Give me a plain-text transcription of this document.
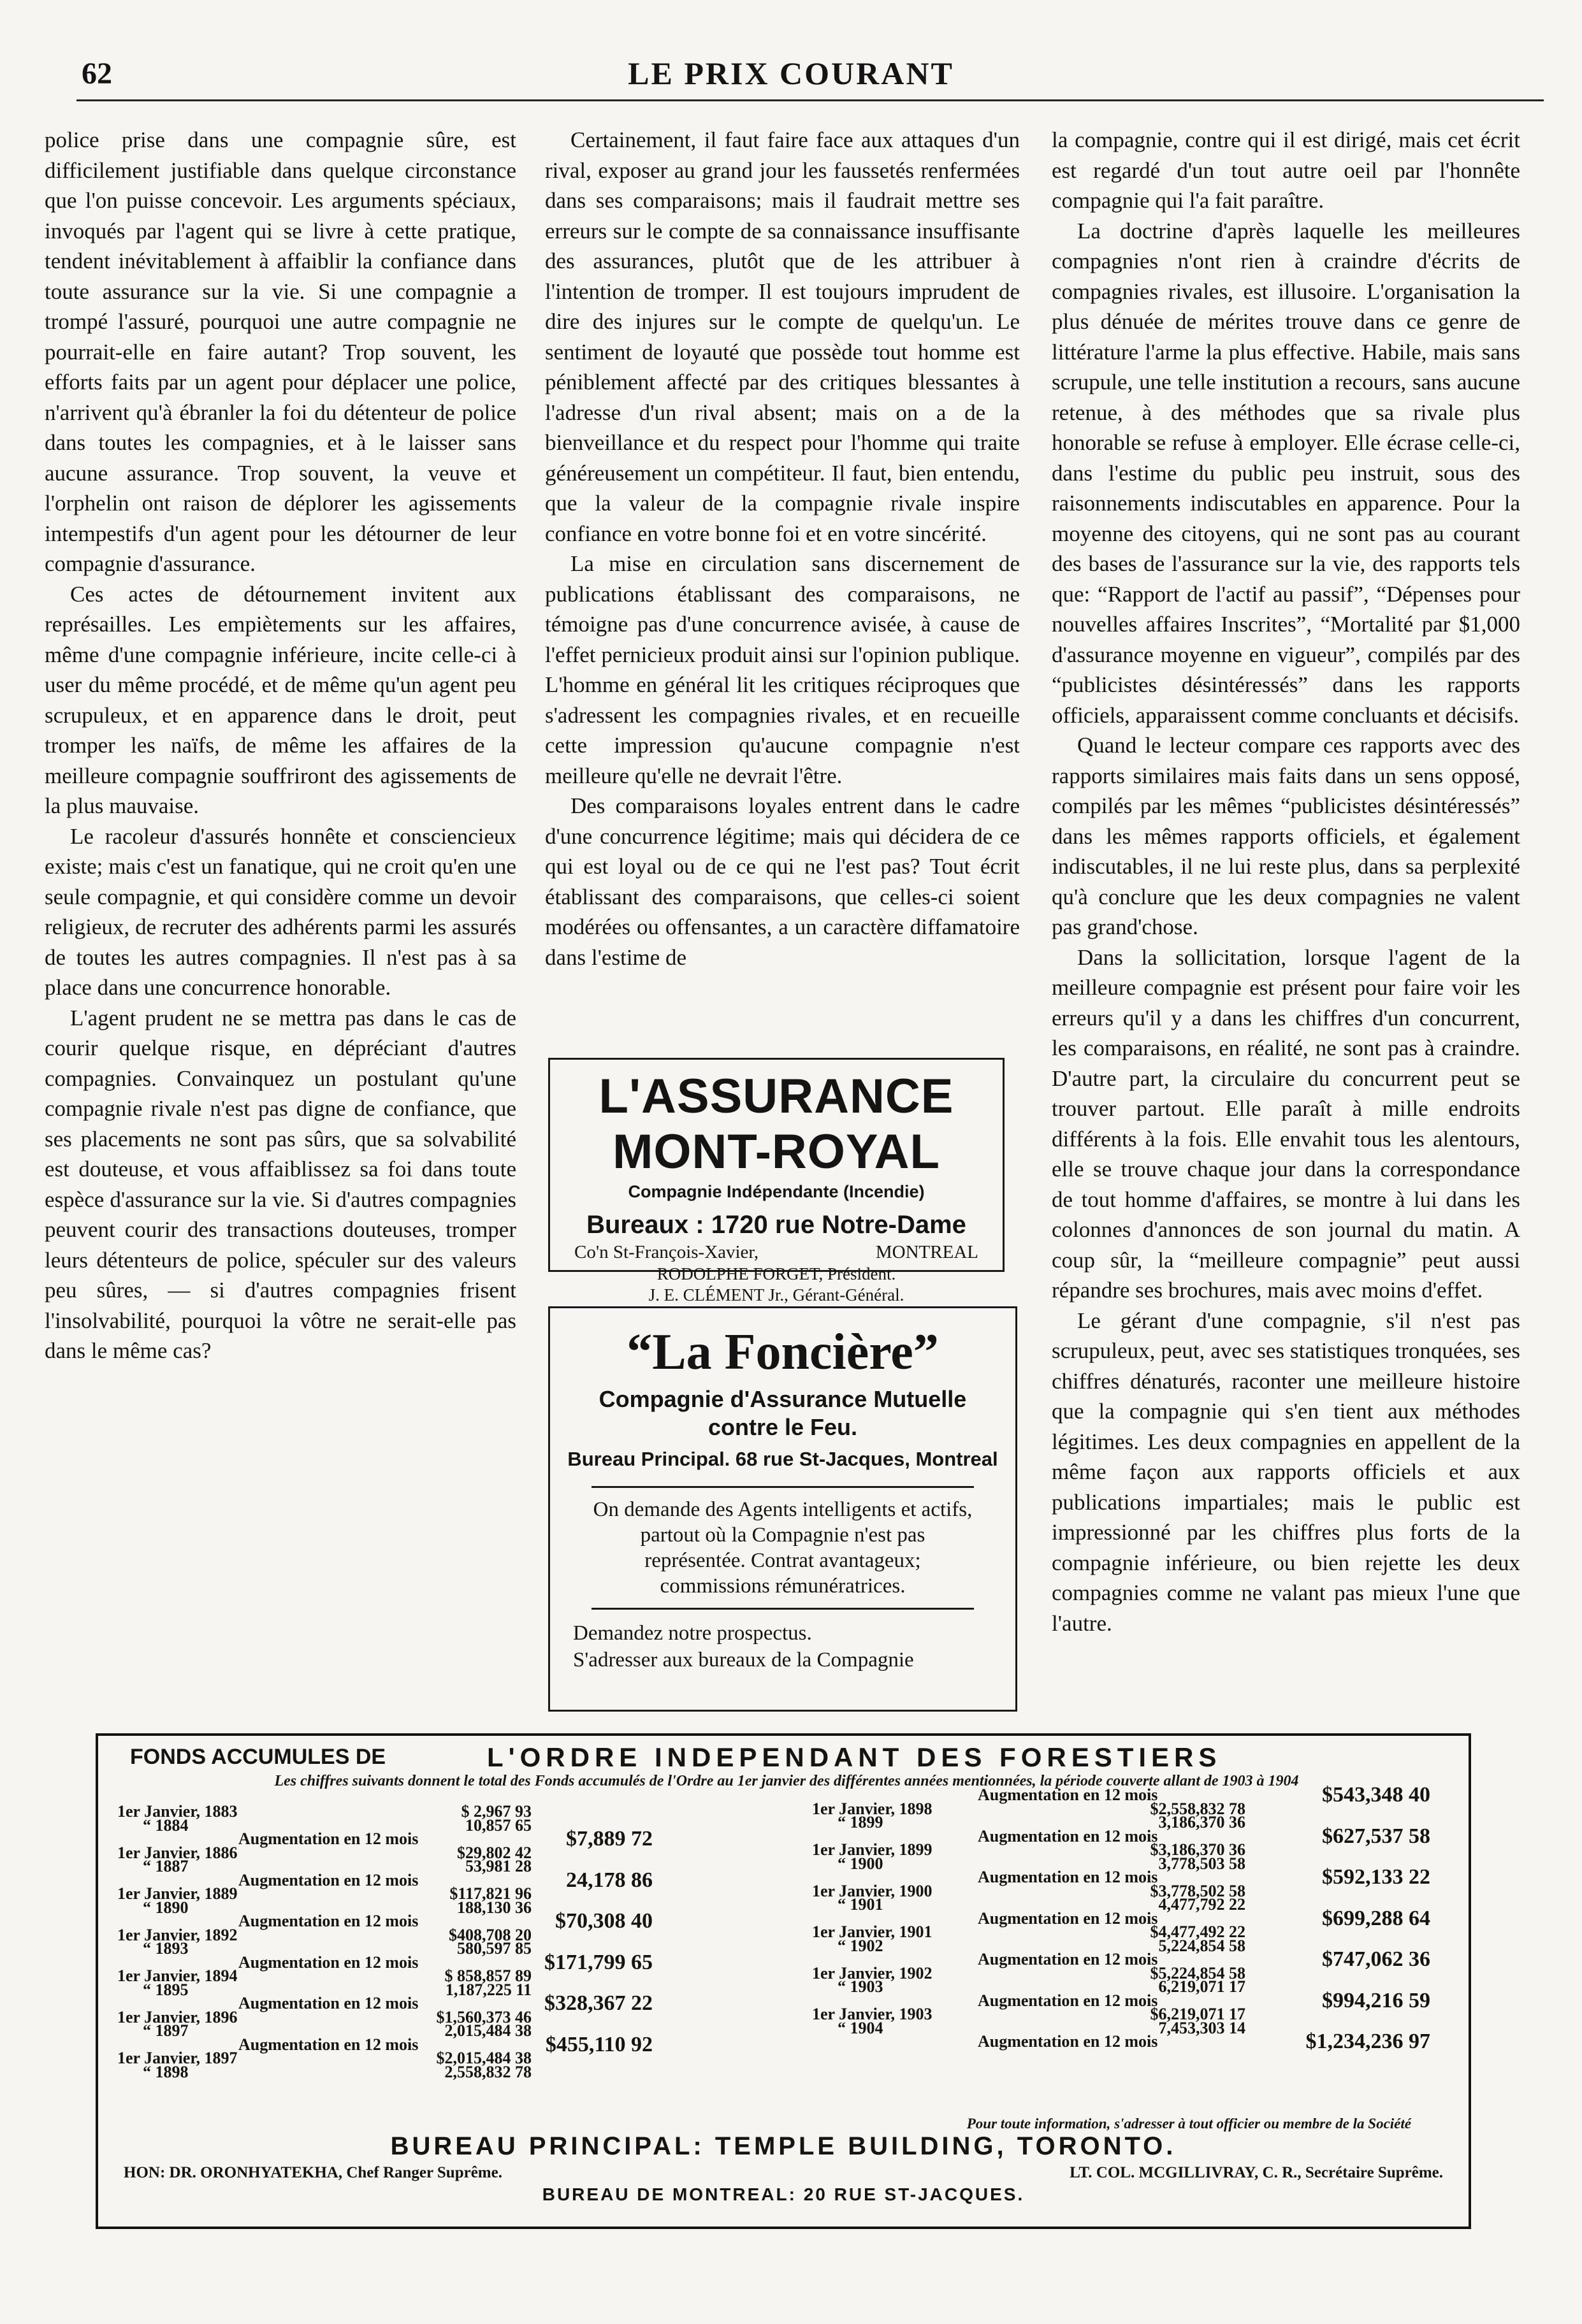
62	LE PRIX COURANT

police prise dans une compagnie sûre, est difficilement justifiable dans quelque circonstance que l'on puisse concevoir. Les arguments spéciaux, invoqués par l'agent qui se livre à cette pratique, tendent inévitablement à affaiblir la confiance dans toute assurance sur la vie. Si une compagnie a trompé l'assuré, pourquoi une autre compagnie ne pourrait-elle en faire autant? Trop souvent, les efforts faits par un agent pour déplacer une police, n'arrivent qu'à ébranler la foi du détenteur de police dans toutes les compagnies, et à le laisser sans aucune assurance. Trop souvent, la veuve et l'orphelin ont raison de déplorer les agissements intempestifs d'un agent pour les détourner de leur compagnie d'assurance.

Ces actes de détournement invitent aux représailles. Les empiètements sur les affaires, même d'une compagnie inférieure, incite celle-ci à user du même procédé, et de même qu'un agent peu scrupuleux, et en apparence dans le droit, peut tromper les naïfs, de même les affaires de la meilleure compagnie souffriront des agissements de la plus mauvaise.

Le racoleur d'assurés honnête et consciencieux existe; mais c'est un fanatique, qui ne croit qu'en une seule compagnie, et qui considère comme un devoir religieux, de recruter des adhérents parmi les assurés de toutes les autres compagnies. Il n'est pas à sa place dans une concurrence honorable.

L'agent prudent ne se mettra pas dans le cas de courir quelque risque, en dépréciant d'autres compagnies. Convainquez un postulant qu'une compagnie rivale n'est pas digne de confiance, que ses placements ne sont pas sûrs, que sa solvabilité est douteuse, et vous affaiblissez sa foi dans toute espèce d'assurance sur la vie. Si d'autres compagnies peuvent courir des transactions douteuses, tromper leurs détenteurs de police, spéculer sur des valeurs peu sûres, — si d'autres compagnies frisent l'insolvabilité, pourquoi la vôtre ne serait-elle pas dans le même cas?

Certainement, il faut faire face aux attaques d'un rival, exposer au grand jour les faussetés renfermées dans ses comparaisons; mais il faudrait mettre ses erreurs sur le compte de sa connaissance insuffisante des assurances, plutôt que de les attribuer à l'intention de tromper. Il est toujours imprudent de dire des injures sur le compte de quelqu'un. Le sentiment de loyauté que possède tout homme est péniblement affecté par des critiques blessantes à l'adresse d'un rival absent; mais on a de la bienveillance et du respect pour l'homme qui traite généreusement un compétiteur. Il faut, bien entendu, que la valeur de la compagnie rivale inspire confiance en votre bonne foi et en votre sincérité.

La mise en circulation sans discernement de publications établissant des comparaisons, ne témoigne pas d'une concurrence avisée, à cause de l'effet pernicieux produit ainsi sur l'opinion publique. L'homme en général lit les critiques réciproques que s'adressent les compagnies rivales, et en recueille cette impression qu'aucune compagnie n'est meilleure qu'elle ne devrait l'être.

Des comparaisons loyales entrent dans le cadre d'une concurrence légitime; mais qui décidera de ce qui est loyal ou de ce qui ne l'est pas? Tout écrit établissant des comparaisons, que celles-ci soient modérées ou offensantes, a un caractère diffamatoire dans l'estime de

la compagnie, contre qui il est dirigé, mais cet écrit est regardé d'un tout autre oeil par l'honnête compagnie qui l'a fait paraître.

La doctrine d'après laquelle les meilleures compagnies n'ont rien à craindre d'écrits de compagnies rivales, est illusoire. L'organisation la plus dénuée de mérites trouve dans ce genre de littérature l'arme la plus effective. Habile, mais sans scrupule, une telle institution a recours, sans aucune retenue, à des méthodes que sa rivale plus honorable se refuse à employer. Elle écrase celle-ci, dans l'estime du public peu instruit, sous des raisonnements indiscutables en apparence. Pour la moyenne des citoyens, qui ne sont pas au courant des bases de l'assurance sur la vie, des rapports tels que: “Rapport de l'actif au passif”, “Dépenses pour nouvelles affaires Inscrites”, “Mortalité par $1,000 d'assurance moyenne en vigueur”, compilés par des “publicistes désintéressés” dans les rapports officiels, apparaissent comme concluants et décisifs.

Quand le lecteur compare ces rapports avec des rapports similaires mais faits dans un sens opposé, compilés par les mêmes “publicistes désintéressés” dans les mêmes rapports officiels, et également indiscutables, il ne lui reste plus, dans sa perplexité qu'à conclure que les deux compagnies ne valent pas grand'chose.

Dans la sollicitation, lorsque l'agent de la meilleure compagnie est présent pour faire voir les erreurs qu'il y a dans les chiffres d'un concurrent, les comparaisons, en réalité, ne sont pas à craindre. D'autre part, la circulaire du concurrent peut se trouver partout. Elle paraît à mille endroits différents à la fois. Elle envahit tous les alentours, elle se trouve chaque jour dans la correspondance de tout homme d'affaires, se montre à lui dans les colonnes d'annonces de son journal du matin. A coup sûr, la “meilleure compagnie” peut aussi répandre ses brochures, mais avec moins d'effet.

Le gérant d'une compagnie, s'il n'est pas scrupuleux, peut, avec ses statistiques tronquées, ses chiffres dénaturés, raconter une meilleure histoire que la compagnie qui s'en tient aux méthodes légitimes. Les deux compagnies en appellent de la même façon aux rapports officiels et aux publications impartiales; mais le public est impressionné par les chiffres plus forts de la compagnie inférieure, ou bien rejette les deux compagnies comme ne valant pas mieux l'une que l'autre.

L'ASSURANCE MONT-ROYAL
Compagnie Indépendante (Incendie)
Bureaux : 1720 rue Notre-Dame
Co'n St-François-Xavier,	MONTREAL
RODOLPHE FORGET, Président.
J. E. CLÉMENT Jr., Gérant-Général.
“La Foncière”
Compagnie d'Assurance Mutuelle
contre le Feu.
Bureau Principal. 68 rue St-Jacques, Montreal
On demande des Agents intelligents et actifs, partout où la Compagnie n'est pas représentée. Contrat avantageux; commissions rémunératrices.
Demandez notre prospectus.
S'adresser aux bureaux de la Compagnie
FONDS ACCUMULES DE	L'ORDRE INDEPENDANT DES FORESTIERS
Les chiffres suivants donnent le total des Fonds accumulés de l'Ordre au 1er janvier des différentes années mentionnées, la période couverte allant de 1903 à 1904
1er Janvier, 1883	$ 2,967 93
“ 1884	10,857 65
Augmentation en 12 mois	$7,889 72
1er Janvier, 1886	$29,802 42
“ 1887	53,981 28
Augmentation en 12 mois	24,178 86
1er Janvier, 1889	$117,821 96
“ 1890	188,130 36
Augmentation en 12 mois	$70,308 40
1er Janvier, 1892	$408,708 20
“ 1893	580,597 85
Augmentation en 12 mois	$171,799 65
1er Janvier, 1894	$ 858,857 89
“ 1895	1,187,225 11
Augmentation en 12 mois	$328,367 22
1er Janvier, 1896	$1,560,373 46
“ 1897	2,015,484 38
Augmentation en 12 mois	$455,110 92
1er Janvier, 1897	$2,015,484 38
“ 1898	2,558,832 78
Augmentation en 12 mois	$543,348 40
1er Janvier, 1898	$2,558,832 78
“ 1899	3,186,370 36
Augmentation en 12 mois	$627,537 58
1er Janvier, 1899	$3,186,370 36
“ 1900	3,778,503 58
Augmentation en 12 mois	$592,133 22
1er Janvier, 1900	$3,778,502 58
“ 1901	4,477,792 22
Augmentation en 12 mois	$699,288 64
1er Janvier, 1901	$4,477,492 22
“ 1902	5,224,854 58
Augmentation en 12 mois	$747,062 36
1er Janvier, 1902	$5,224,854 58
“ 1903	6,219,071 17
Augmentation en 12 mois	$994,216 59
1er Janvier, 1903	$6,219,071 17
“ 1904	7,453,303 14
Augmentation en 12 mois	$1,234,236 97
Pour toute information, s'adresser à tout officier ou membre de la Société
BUREAU PRINCIPAL: TEMPLE BUILDING, TORONTO.
HON: DR. ORONHYATEKHA, Chef Ranger Suprême.	LT. COL. MCGILLIVRAY, C. R., Secrétaire Suprême.
BUREAU DE MONTREAL: 20 RUE ST-JACQUES.
